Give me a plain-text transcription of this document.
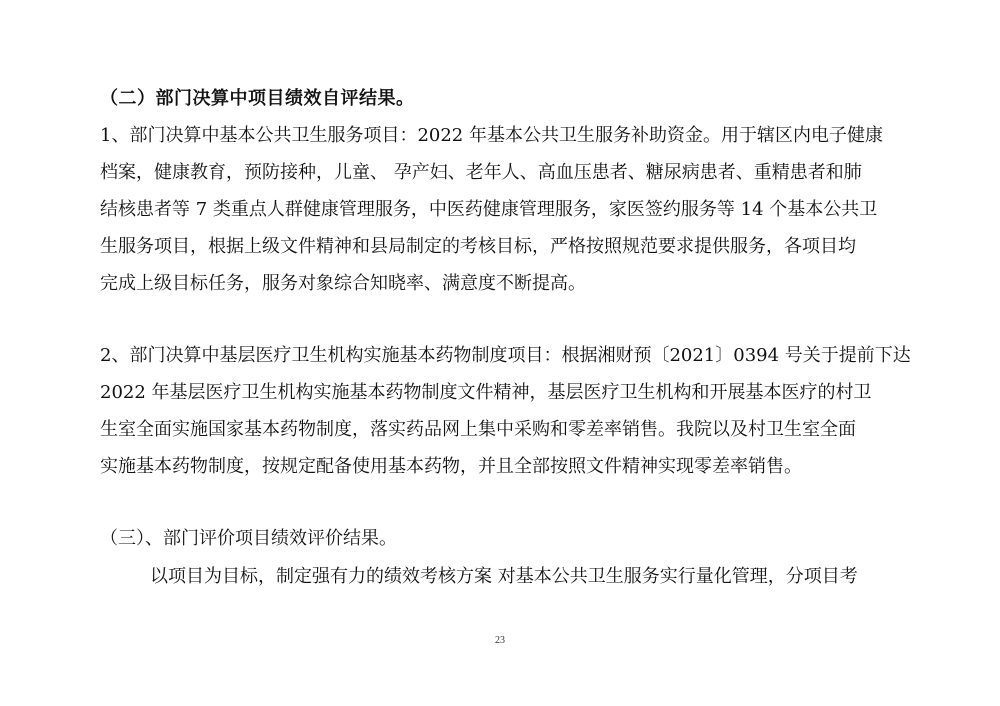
（二）部门决算中项目绩效自评结果。
1、部门决算中基本公共卫生服务项目：2022 年基本公共卫生服务补助资金。用于辖区内电子健康
档案，健康教育，预防接种，儿童、 孕产妇、老年人、高血压患者、糖尿病患者、重精患者和肺
结核患者等 7 类重点人群健康管理服务，中医药健康管理服务，家医签约服务等 14 个基本公共卫
生服务项目，根据上级文件精神和县局制定的考核目标，严格按照规范要求提供服务，各项目均
完成上级目标任务，服务对象综合知晓率、满意度不断提高。
2、部门决算中基层医疗卫生机构实施基本药物制度项目：根据湘财预〔2021〕0394 号关于提前下达
2022 年基层医疗卫生机构实施基本药物制度文件精神，基层医疗卫生机构和开展基本医疗的村卫
生室全面实施国家基本药物制度，落实药品网上集中采购和零差率销售。我院以及村卫生室全面
实施基本药物制度，按规定配备使用基本药物，并且全部按照文件精神实现零差率销售。
（三）、部门评价项目绩效评价结果。
以项目为目标，制定强有力的绩效考核方案 对基本公共卫生服务实行量化管理，分项目考
23
